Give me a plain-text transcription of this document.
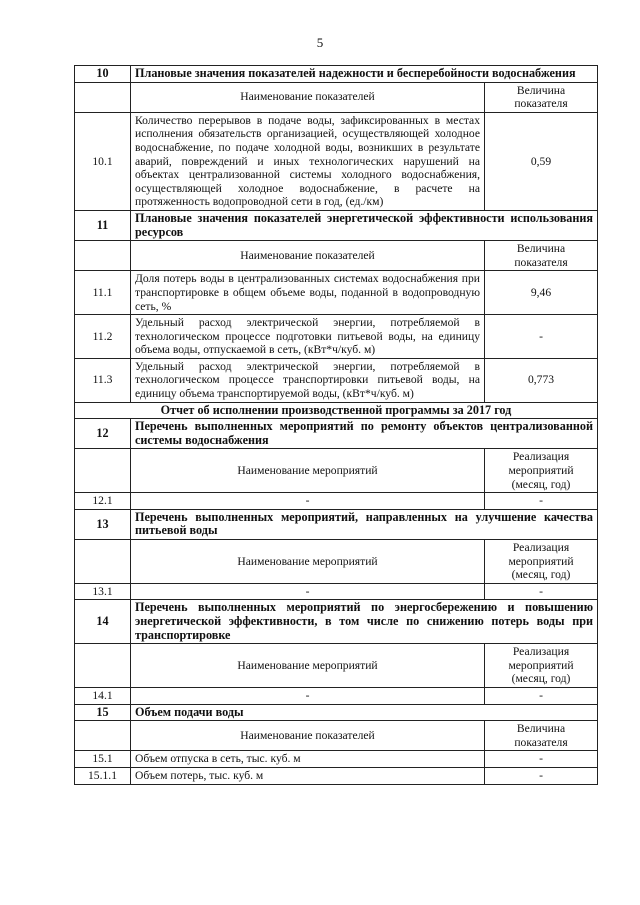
5
10	Плановые значения показателей надежности и бесперебойности водоснабжения	
	Наименование показателей	Величина показателя
10.1	Количество перерывов в подаче воды, зафиксированных в местах исполнения обязательств организацией, осуществляющей холодное водоснабжение, по подаче холодной воды, возникших в результате аварий, повреждений и иных технологических нарушений на объектах централизованной системы холодного водоснабжения, осуществляющей холодное водоснабжение, в расчете на протяженность водопроводной сети в год, (ед./км)	0,59
11	Плановые значения показателей энергетической эффективности использования ресурсов	
	Наименование показателей	Величина показателя
11.1	Доля потерь воды в централизованных системах водоснабжения при транспортировке в общем объеме воды, поданной в водопроводную сеть, %	9,46
11.2	Удельный расход электрической энергии, потребляемой в технологическом процессе подготовки питьевой воды, на единицу объема воды, отпускаемой в сеть, (кВт*ч/куб. м)	-
11.3	Удельный расход электрической энергии, потребляемой в технологическом процессе транспортировки питьевой воды, на единицу объема транспортируемой воды, (кВт*ч/куб. м)	0,773
Отчет об исполнении производственной программы за 2017 год		
12	Перечень выполненных мероприятий по ремонту объектов централизованной системы водоснабжения	
	Наименование мероприятий	Реализация мероприятий (месяц, год)
12.1	-	-
13	Перечень выполненных мероприятий, направленных на улучшение качества питьевой воды	
	Наименование мероприятий	Реализация мероприятий (месяц, год)
13.1	-	-
14	Перечень выполненных мероприятий по энергосбережению и повышению энергетической эффективности, в том числе по снижению потерь воды при транспортировке	
	Наименование мероприятий	Реализация мероприятий (месяц, год)
14.1	-	-
15	Объем подачи воды	
	Наименование показателей	Величина показателя
15.1	Объем отпуска в сеть, тыс. куб. м	-
15.1.1	Объем потерь, тыс. куб. м	-
